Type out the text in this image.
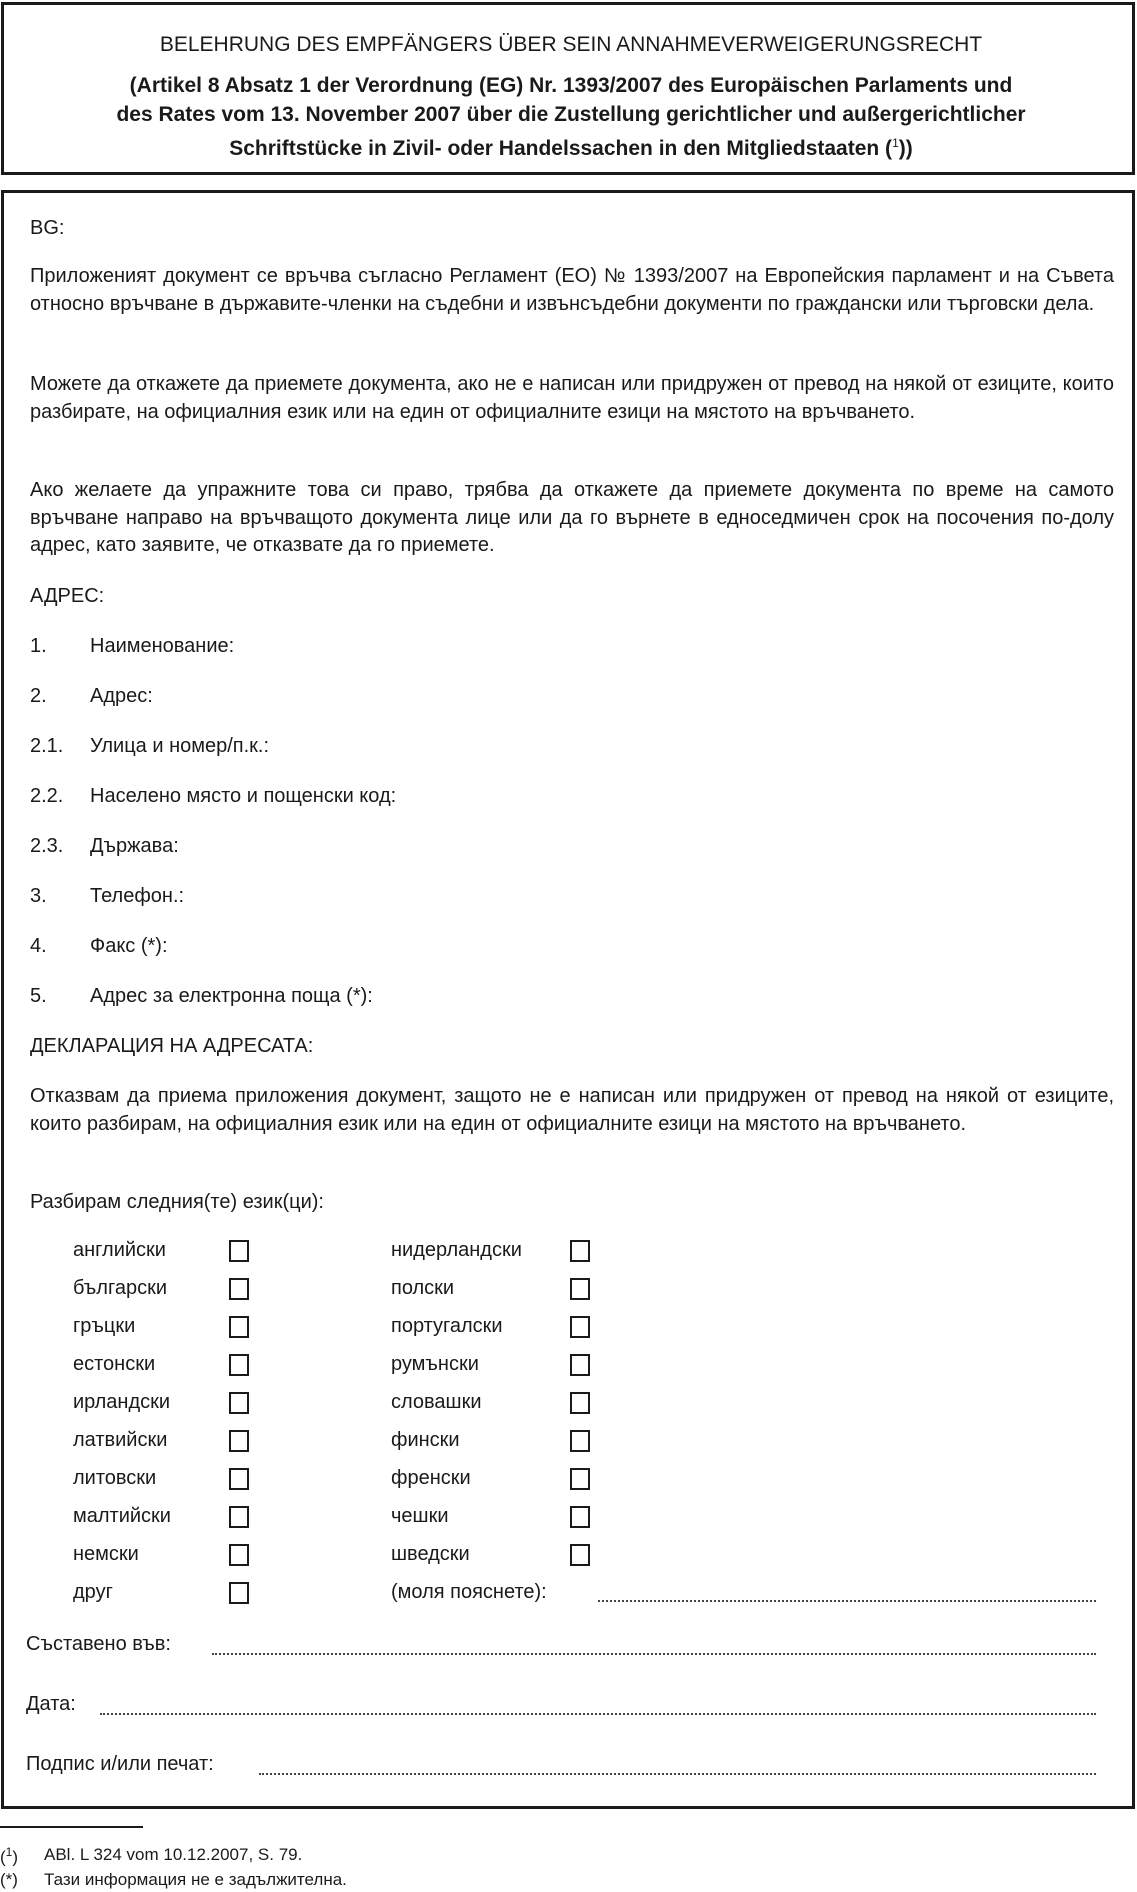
BELEHRUNG DES EMPFÄNGERS ÜBER SEIN ANNAHMEVERWEIGERUNGSRECHT
(Artikel 8 Absatz 1 der Verordnung (EG) Nr. 1393/2007 des Europäischen Parlaments und
des Rates vom 13. November 2007 über die Zustellung gerichtlicher und außergerichtlicher
Schriftstücke in Zivil- oder Handelssachen in den Mitgliedstaaten ($^1$))
BG:
Приложеният документ се връчва съгласно Регламент (ЕО) № 1393/2007 на Европейския парламент и на Съвета относно връчване в държавите-членки на съдебни и извънсъдебни документи по граждански или търговски дела.
Можете да откажете да приемете документа, ако не е написан или придружен от превод на някой от езиците, които разбирате, на официалния език или на един от официалните езици на мястото на връчването.
Ако желаете да упражните това си право, трябва да откажете да приемете документа по време на самото връчване направо на връчващото документа лице или да го върнете в едноседмичен срок на посочения по-долу адрес, като заявите, че отказвате да го приемете.
АДРЕС:
1. Наименование:
2. Адрес:
2.1. Улица и номер/п.к.:
2.2. Населено място и пощенски код:
2.3. Държава:
3. Телефон.:
4. Факс (*):
5. Адрес за електронна поща (*):
ДЕКЛАРАЦИЯ НА АДРЕСАТА:
Отказвам да приема приложения документ, защото не е написан или придружен от превод на някой от езиците, които разбирам, на официалния език или на един от официалните езици на мястото на връчването.
Разбирам следния(те) език(ци):
английски
български
гръцки
естонски
ирландски
латвийски
литовски
малтийски
немски
друг
нидерландски
полски
португалски
румънски
словашки
фински
френски
чешки
шведски
(моля пояснете):
Съставено във:
Дата:
Подпис и/или печат:
($^1$) ABl. L 324 vom 10.12.2007, S. 79.
(*) Тази информация не е задължителна.
